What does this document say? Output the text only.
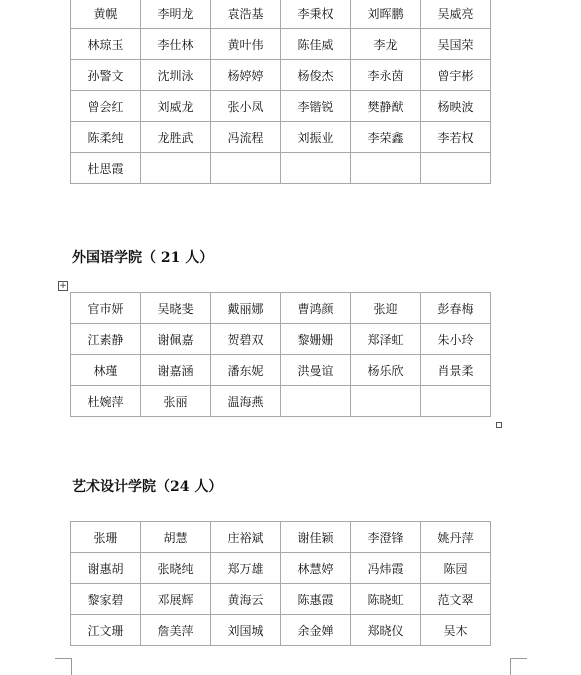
黄幌	李明龙	袁浩基	李秉权	刘晖鹏	吴威亮
林琼玉	李仕林	黄叶伟	陈佳威	李龙	吴国荣
孙警文	沈圳泳	杨婷婷	杨俊杰	李永茵	曾宇彬
曾会红	刘威龙	张小凤	李锴锐	樊静猷	杨映波
陈柔纯	龙胜武	冯流程	刘振业	李荣鑫	李若权
杜思霞					
外国语学院（ 21 人）
+
官市妍	吴晓斐	戴丽娜	曹鸿颜	张迎	彭春梅
江素静	谢佩嘉	贺碧双	黎姗姗	郑泽虹	朱小玲
林瑾	谢嘉涵	潘东妮	洪曼谊	杨乐欣	肖景柔
杜婉萍	张丽	温海燕			
艺术设计学院（24 人）
张珊	胡慧	庄裕斌	谢佳颖	李澄锋	姚丹萍
谢惠胡	张晓纯	郑万雄	林慧婷	冯炜霞	陈园
黎家碧	邓展辉	黄海云	陈惠霞	陈晓虹	范文翠
江文珊	詹美萍	刘国城	余金婵	郑晓仪	吴木
